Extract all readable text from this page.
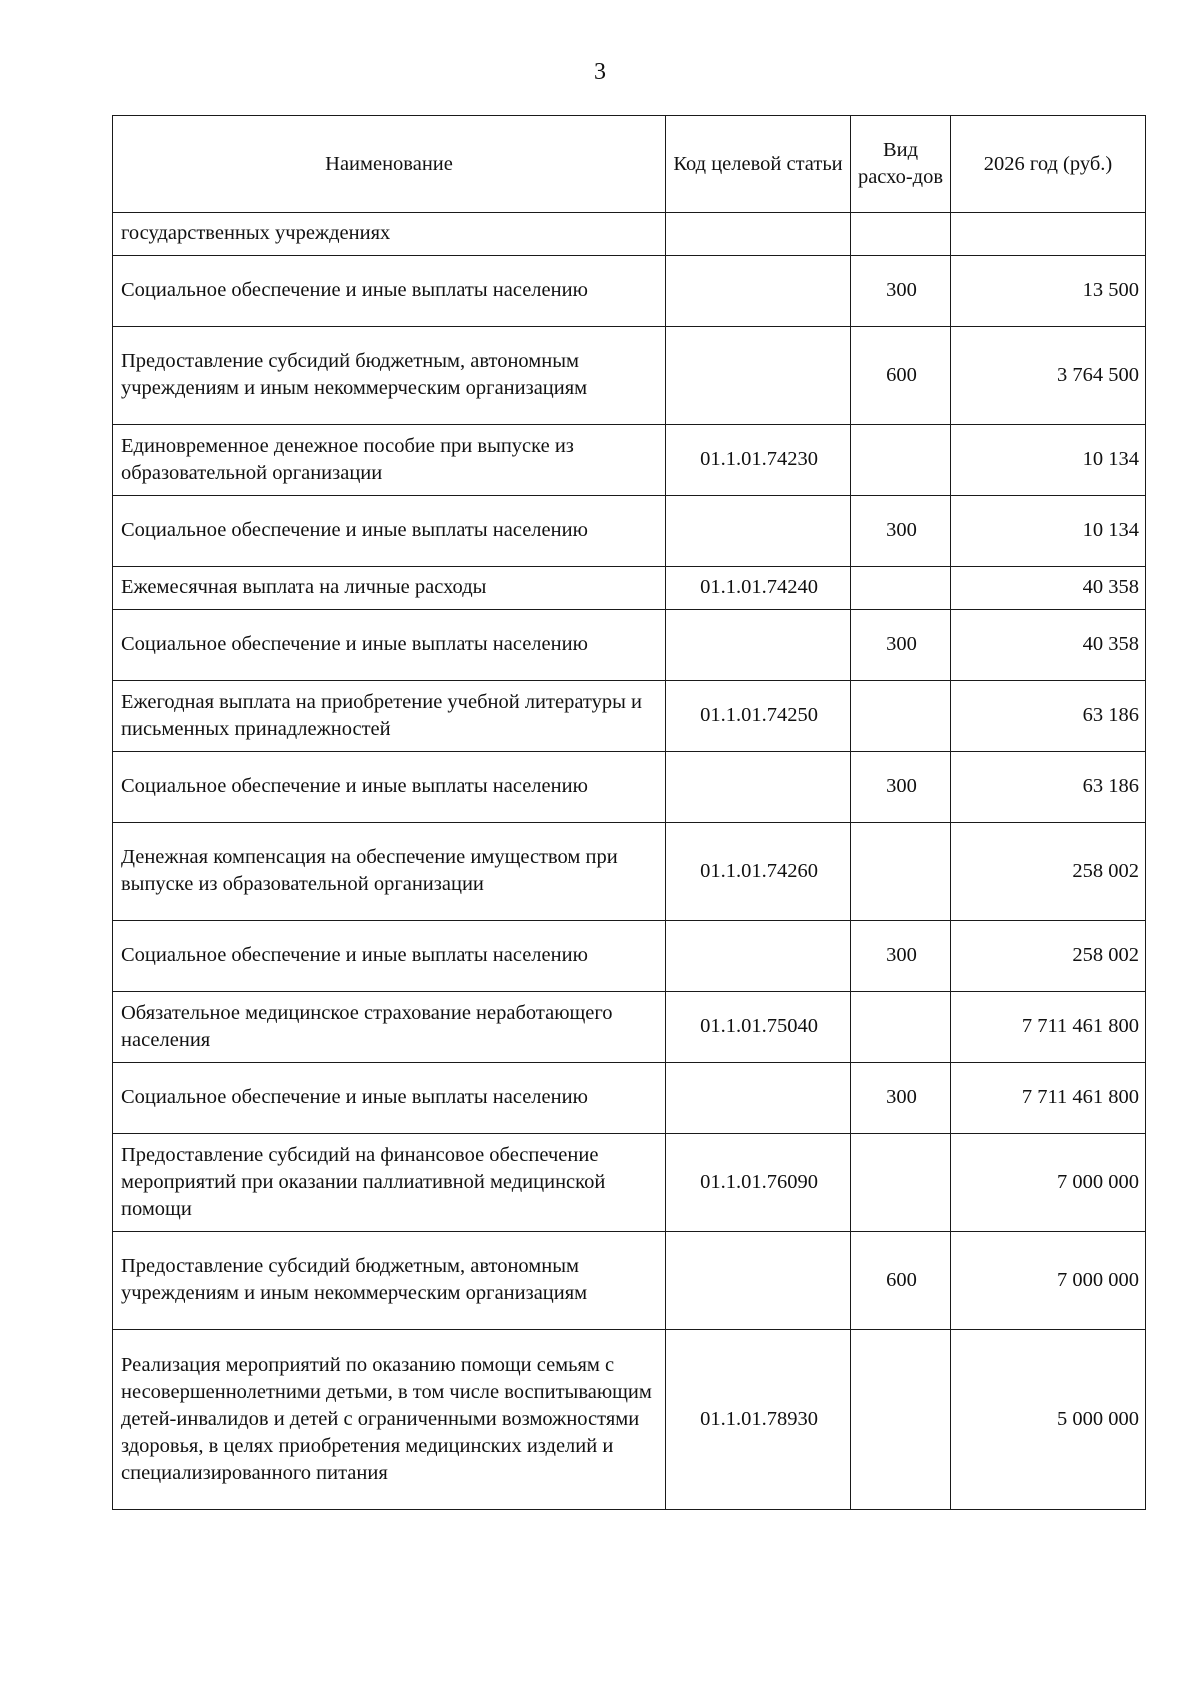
3
Наименование	Код целевой статьи	Вид расхо-дов	2026 год (руб.)
государственных учреждениях			
Социальное обеспечение и иные выплаты населению		300	13 500
Предоставление субсидий бюджетным, автономным учреждениям и иным некоммерческим организациям		600	3 764 500
Единовременное денежное пособие при выпуске из образовательной организации	01.1.01.74230		10 134
Социальное обеспечение и иные выплаты населению		300	10 134
Ежемесячная выплата на личные расходы	01.1.01.74240		40 358
Социальное обеспечение и иные выплаты населению		300	40 358
Ежегодная выплата на приобретение учебной литературы и письменных принадлежностей	01.1.01.74250		63 186
Социальное обеспечение и иные выплаты населению		300	63 186
Денежная компенсация на обеспечение имуществом при выпуске из образовательной организации	01.1.01.74260		258 002
Социальное обеспечение и иные выплаты населению		300	258 002
Обязательное медицинское страхование неработающего населения	01.1.01.75040		7 711 461 800
Социальное обеспечение и иные выплаты населению		300	7 711 461 800
Предоставление субсидий на финансовое обеспечение мероприятий при оказании паллиативной медицинской помощи	01.1.01.76090		7 000 000
Предоставление субсидий бюджетным, автономным учреждениям и иным некоммерческим организациям		600	7 000 000
Реализация мероприятий по оказанию помощи семьям с несовершеннолетними детьми, в том числе воспитывающим детей-инвалидов и детей с ограниченными возможностями здоровья, в целях приобретения медицинских изделий и специализированного питания	01.1.01.78930		5 000 000
